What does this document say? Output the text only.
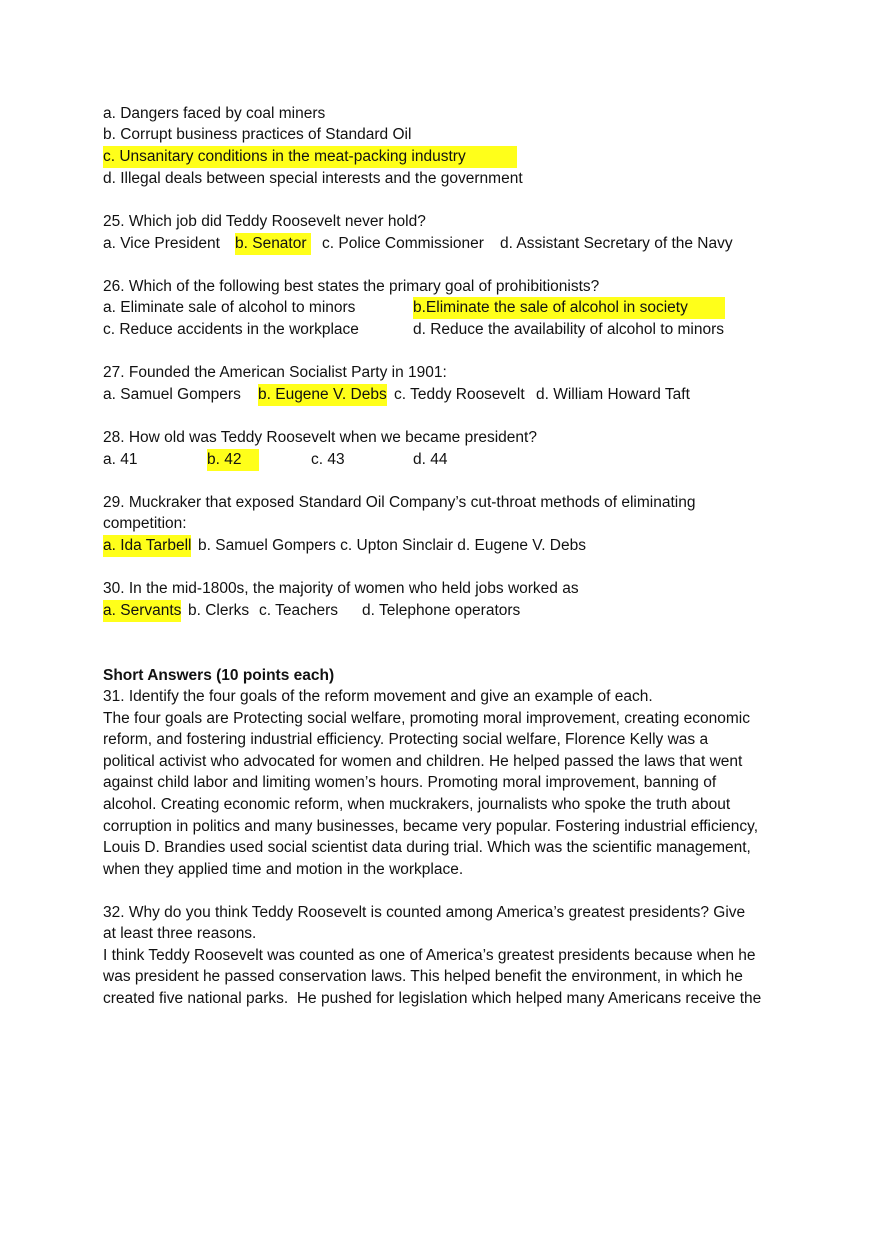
a. Dangers faced by coal miners
b. Corrupt business practices of Standard Oil
c. Unsanitary conditions in the meat-packing industry
d. Illegal deals between special interests and the government
25. Which job did Teddy Roosevelt never hold?
a. Vice President b. Senator c. Police Commissioner d. Assistant Secretary of the Navy
26. Which of the following best states the primary goal of prohibitionists?
a. Eliminate sale of alcohol to minors	b.Eliminate the sale of alcohol in society
c. Reduce accidents in the workplace	d. Reduce the availability of alcohol to minors
27. Founded the American Socialist Party in 1901:
a. Samuel Gompers b. Eugene V. Debs c. Teddy Roosevelt d. William Howard Taft
28. How old was Teddy Roosevelt when we became president?
a. 41	b. 42	c. 43	d. 44
29. Muckraker that exposed Standard Oil Company’s cut-throat methods of eliminating
competition:
a. Ida Tarbell b. Samuel Gompers c. Upton Sinclair d. Eugene V. Debs
30. In the mid-1800s, the majority of women who held jobs worked as
a. Servants b. Clerks c. Teachers d. Telephone operators
Short Answers (10 points each)
31. Identify the four goals of the reform movement and give an example of each.
The four goals are Protecting social welfare, promoting moral improvement, creating economic
reform, and fostering industrial efficiency. Protecting social welfare, Florence Kelly was a
political activist who advocated for women and children. He helped passed the laws that went
against child labor and limiting women’s hours. Promoting moral improvement, banning of
alcohol. Creating economic reform, when muckrakers, journalists who spoke the truth about
corruption in politics and many businesses, became very popular. Fostering industrial efficiency,
Louis D. Brandies used social scientist data during trial. Which was the scientific management,
when they applied time and motion in the workplace.
32. Why do you think Teddy Roosevelt is counted among America’s greatest presidents? Give
at least three reasons.
I think Teddy Roosevelt was counted as one of America’s greatest presidents because when he
was president he passed conservation laws. This helped benefit the environment, in which he
created five national parks.  He pushed for legislation which helped many Americans receive the
